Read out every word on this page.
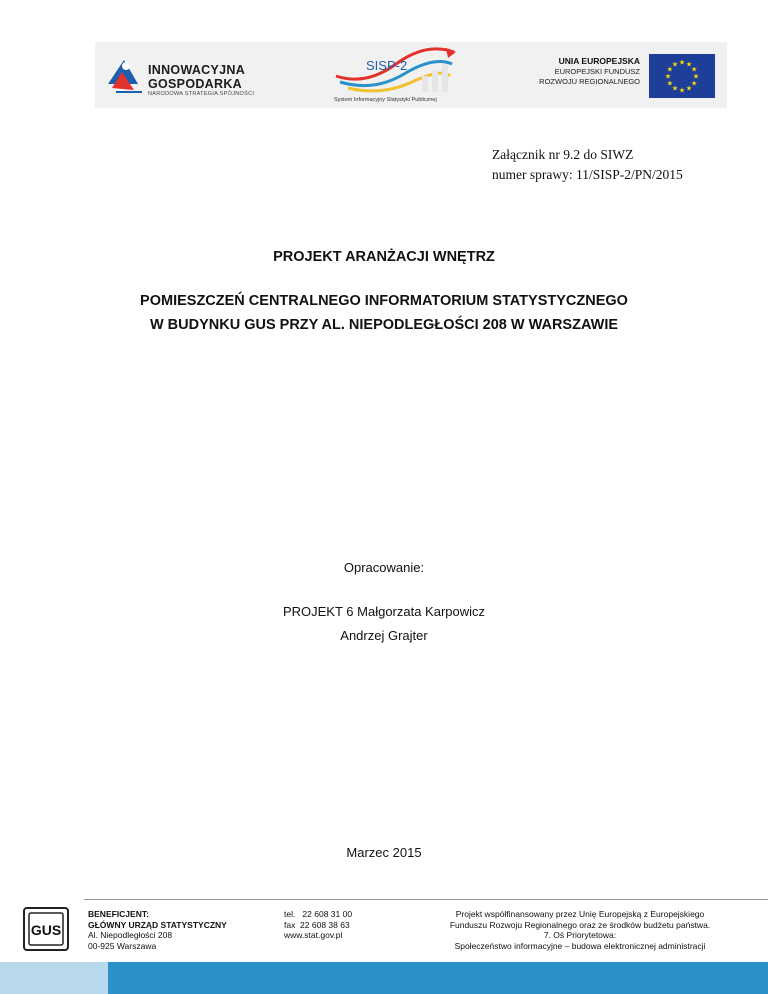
INNOWACYJNA
GOSPODARKA
NARODOWA STRATEGIA SPÓJNOŚCI
SISP-2
System Informacyjny Statystyki Publicznej
UNIA EUROPEJSKA
EUROPEJSKI FUNDUSZ
ROZWOJU REGIONALNEGO
★ ★
★
★
★
★
★
★
★
★
★
★
Załącznik nr 9.2 do SIWZ
numer sprawy: 11/SISP-2/PN/2015
PROJEKT ARANŻACJI WNĘTRZ
POMIESZCZEŃ CENTRALNEGO INFORMATORIUM STATYSTYCZNEGO
W BUDYNKU GUS PRZY AL. NIEPODLEGŁOŚCI 208 W WARSZAWIE
Opracowanie:
PROJEKT 6 Małgorzata Karpowicz
Andrzej Grajter
Marzec 2015
GUS
BENEFICJENT:
GŁÓWNY URZĄD STATYSTYCZNY
Al. Niepodległości 208
00-925 Warszawa
tel.   22 608 31 00
fax  22 608 38 63
www.stat.gov.pl
Projekt współfinansowany przez Unię Europejską z Europejskiego
Funduszu Rozwoju Regionalnego oraz ze środków budżetu państwa.
7. Oś Priorytetowa:
Społeczeństwo informacyjne – budowa elektronicznej administracji
